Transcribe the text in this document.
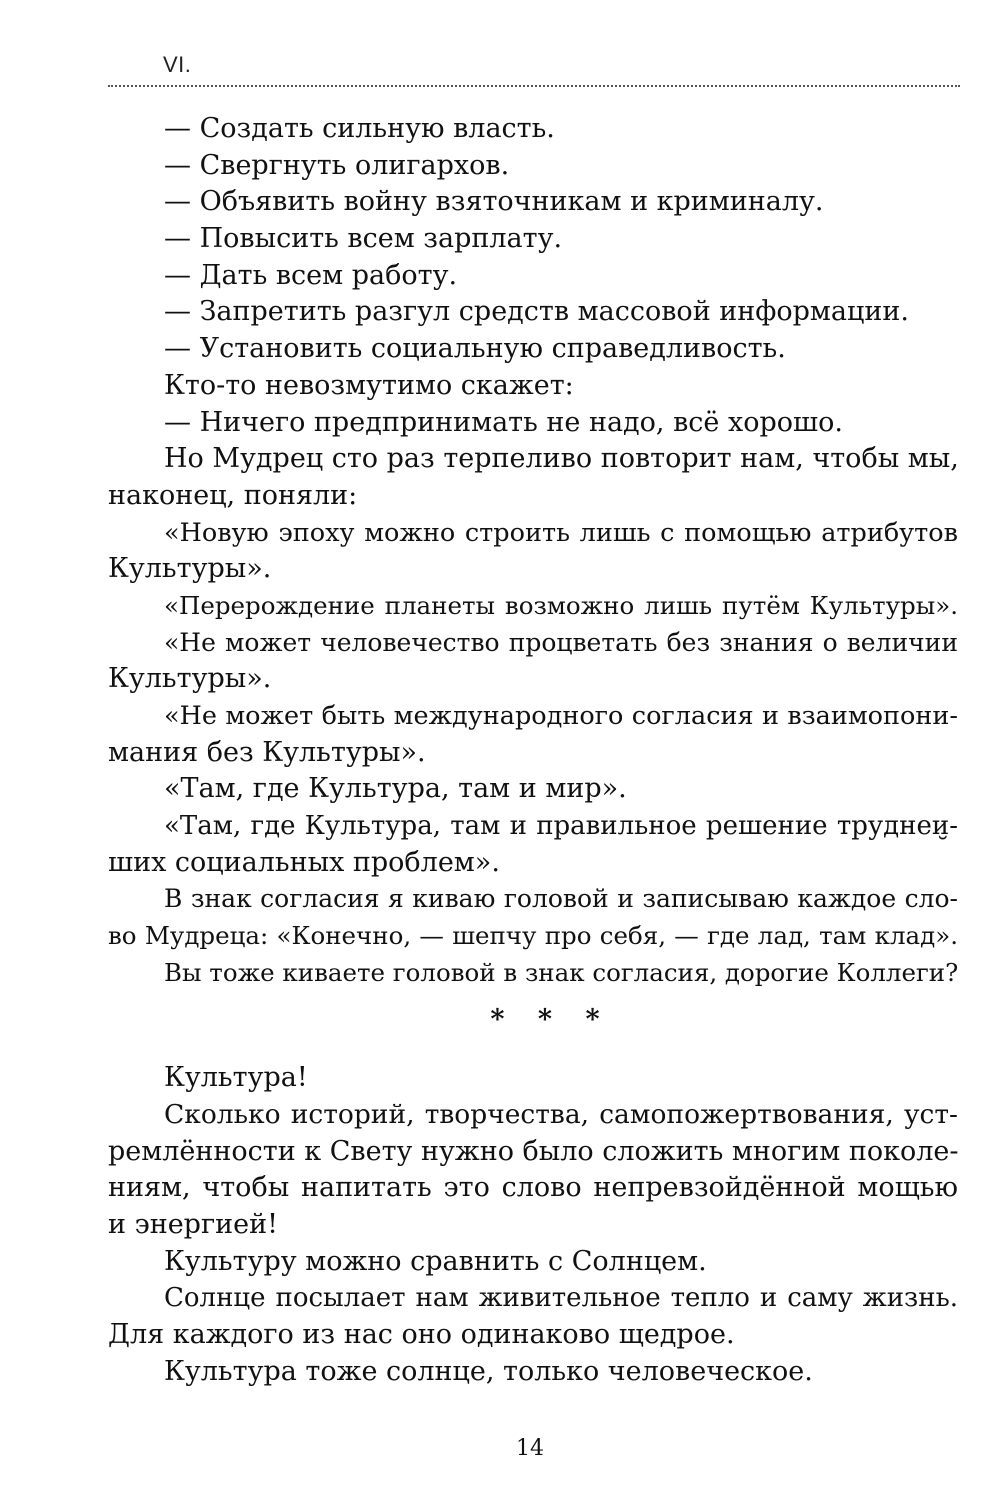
VI.
— Создать сильную власть.
— Свергнуть олигархов.
— Объявить войну взяточникам и криминалу.
— Повысить всем зарплату.
— Дать всем работу.
— Запретить разгул средств массовой информации.
— Установить социальную справедливость.
Кто-то невозмутимо скажет:
— Ничего предпринимать не надо, всё хорошо.
Но Мудрец сто раз терпеливо повторит нам, чтобы мы,
наконец, поняли:
«Новую эпоху можно строить лишь с помощью атрибутов
Культуры».
«Перерождение планеты возможно лишь путём Культуры».
«Не может человечество процветать без знания о величии
Культуры».
«Не может быть международного согласия и взаимопони-
мания без Культуры».
«Там, где Культура, там и мир».
«Там, где Культура, там и правильное решение труднеи̮-
ших социальных проблем».
В знак согласия я киваю головой и записываю каждое сло-
во Мудреца: «Конечно, — шепчу про себя, — где лад, там клад».
Вы тоже киваете головой в знак согласия, дорогие Коллеги?
* * *
Культура!
Сколько историй, творчества, самопожертвования, уст-
ремлённости к Свету нужно было сложить многим поколе-
ниям, чтобы напитать это слово непревзойдённой мощью
и энергией!
Культуру можно сравнить с Солнцем.
Солнце посылает нам живительное тепло и саму жизнь.
Для каждого из нас оно одинаково щедрое.
Культура тоже солнце, только человеческое.
14
